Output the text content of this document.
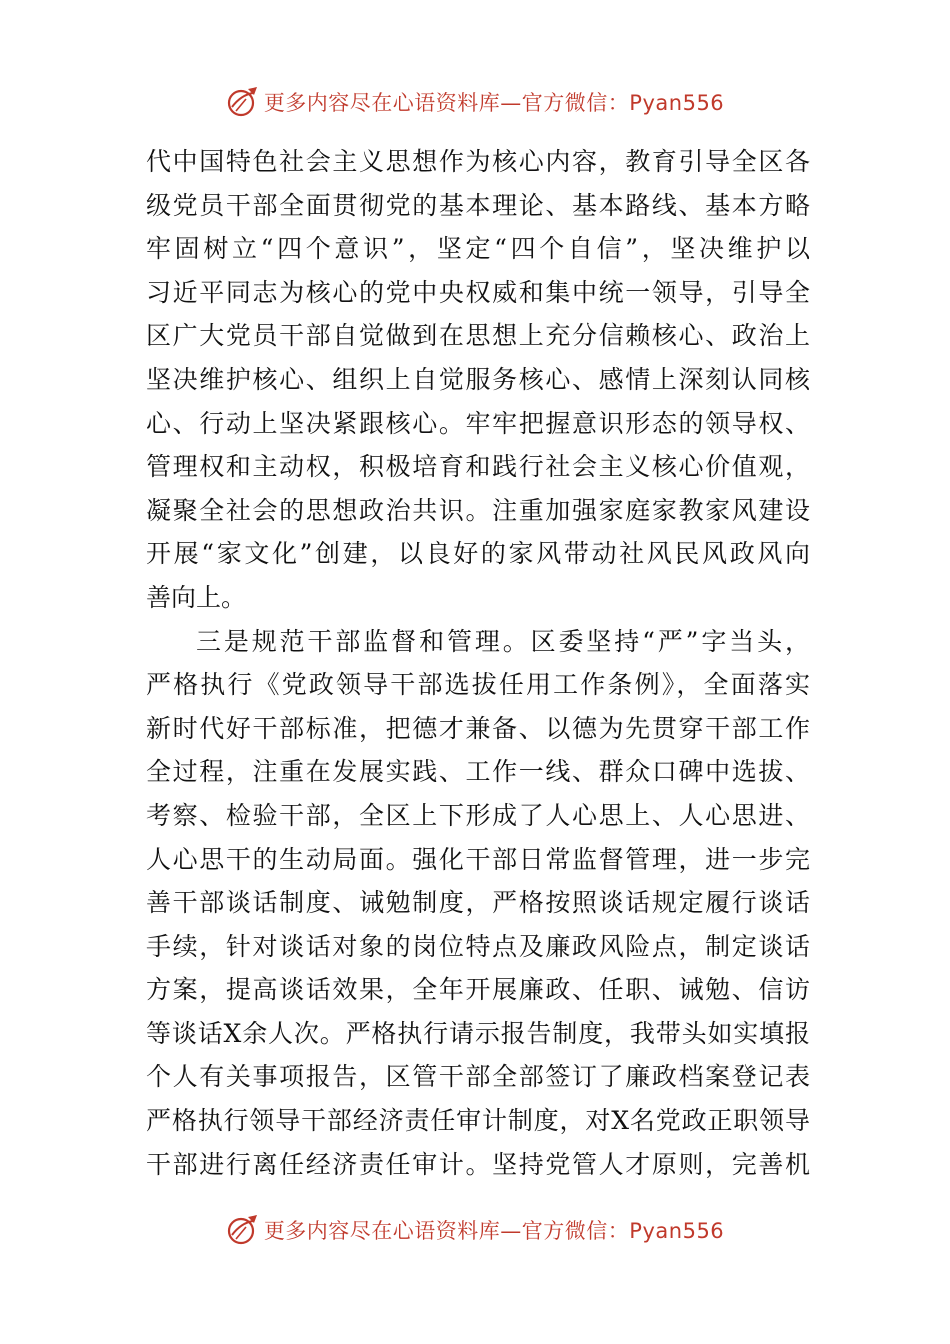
更多内容尽在心语资料库—官方微信：Pyan556
代中国特色社会主义思想作为核心内容，教育引导全区各
级党员干部全面贯彻党的基本理论、基本路线、基本方略
牢固树立“四个意识”，坚定“四个自信”，坚决维护以
习近平同志为核心的党中央权威和集中统一领导，引导全
区广大党员干部自觉做到在思想上充分信赖核心、政治上
坚决维护核心、组织上自觉服务核心、感情上深刻认同核
心、行动上坚决紧跟核心。牢牢把握意识形态的领导权、
管理权和主动权，积极培育和践行社会主义核心价值观，
凝聚全社会的思想政治共识。注重加强家庭家教家风建设
开展“家文化”创建，以良好的家风带动社风民风政风向
善向上。
三是规范干部监督和管理。区委坚持“严”字当头，
严格执行《党政领导干部选拔任用工作条例》，全面落实
新时代好干部标准，把德才兼备、以德为先贯穿干部工作
全过程，注重在发展实践、工作一线、群众口碑中选拔、
考察、检验干部，全区上下形成了人心思上、人心思进、
人心思干的生动局面。强化干部日常监督管理，进一步完
善干部谈话制度、诫勉制度，严格按照谈话规定履行谈话
手续，针对谈话对象的岗位特点及廉政风险点，制定谈话
方案，提高谈话效果，全年开展廉政、任职、诫勉、信访
等谈话X余人次。严格执行请示报告制度，我带头如实填报
个人有关事项报告，区管干部全部签订了廉政档案登记表
严格执行领导干部经济责任审计制度，对X名党政正职领导
干部进行离任经济责任审计。坚持党管人才原则，完善机
更多内容尽在心语资料库—官方微信：Pyan556
